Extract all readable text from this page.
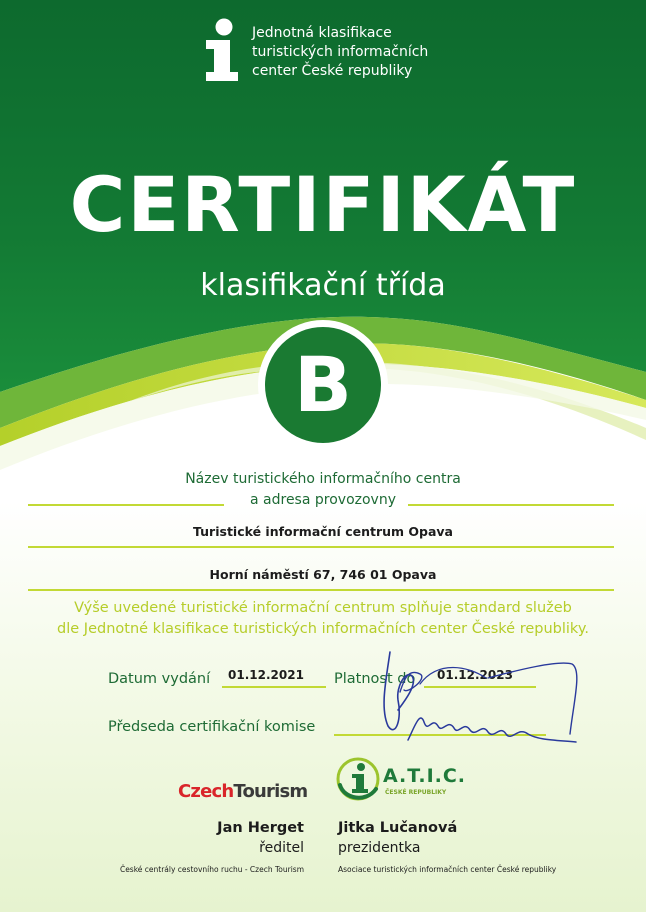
Jednotná klasifikace
turistických informačních
center České republiky
CERTIFIKÁT
klasifikační třída
B
Název turistického informačního centra
a adresa provozovny
Turistické informační centrum Opava
Horní náměstí 67, 746 01 Opava
Výše uvedené turistické informační centrum splňuje standard služeb
dle Jednotné klasifikace turistických informačních center České republiky.
Datum vydání 01.12.2021 Platnost do 01.12.2023
Předseda certifikační komise
CzechTourism
A.T.I.C.
ČESKÉ REPUBLIKY
Jan Herget
ředitel
České centrály cestovního ruchu - Czech Tourism
Jitka Lučanová
prezidentka
Asociace turistických informačních center České republiky
